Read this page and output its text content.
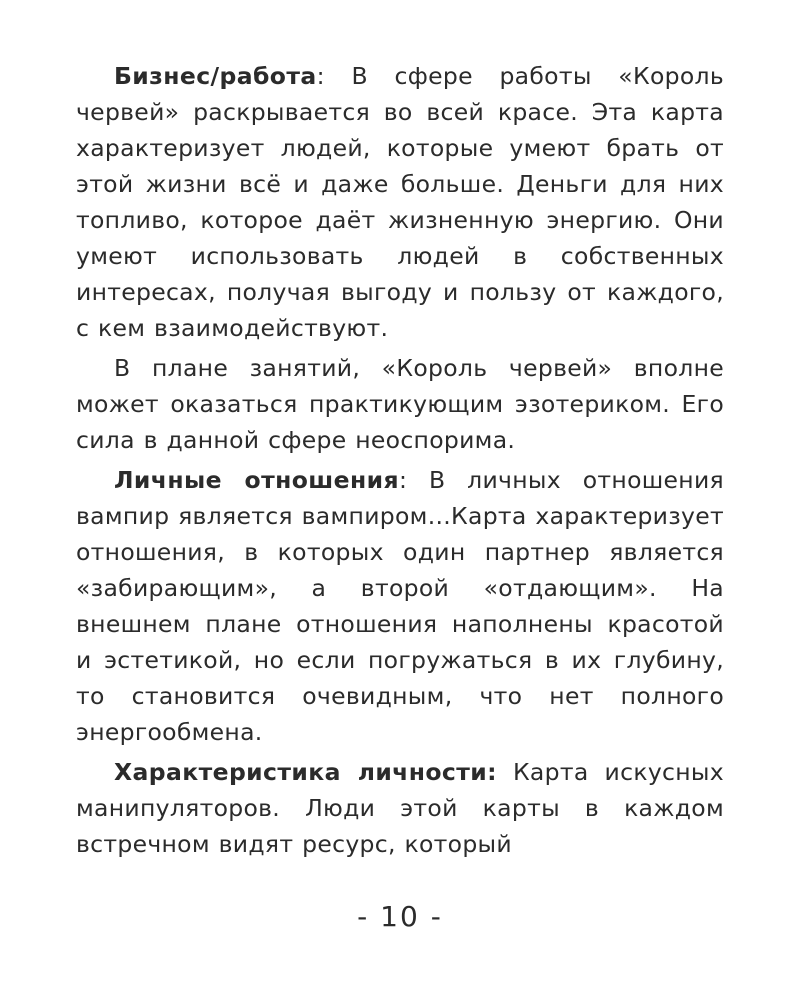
Бизнес/работа: В сфере работы «Король червей» раскрывается во всей красе. Эта карта характеризует людей, которые умеют брать от этой жизни всё и даже больше. Деньги для них топливо, которое даёт жизненную энергию. Они умеют использовать людей в собственных интересах, получая выгоду и пользу от каждого, с кем взаимодействуют.

В плане занятий, «Король червей» вполне может оказаться практикующим эзотериком. Его сила в данной сфере неоспорима.

Личные отношения: В личных отношения вампир является вампиром...Карта характеризует отношения, в которых один партнер является «забирающим», а второй «отдающим». На внешнем плане отношения наполнены красотой и эстетикой, но если погружаться в их глубину, то становится очевидным, что нет полного энергообмена.

Характеристика личности: Карта искусных манипуляторов. Люди этой карты в каждом встречном видят ресурс, который

- 10 -
